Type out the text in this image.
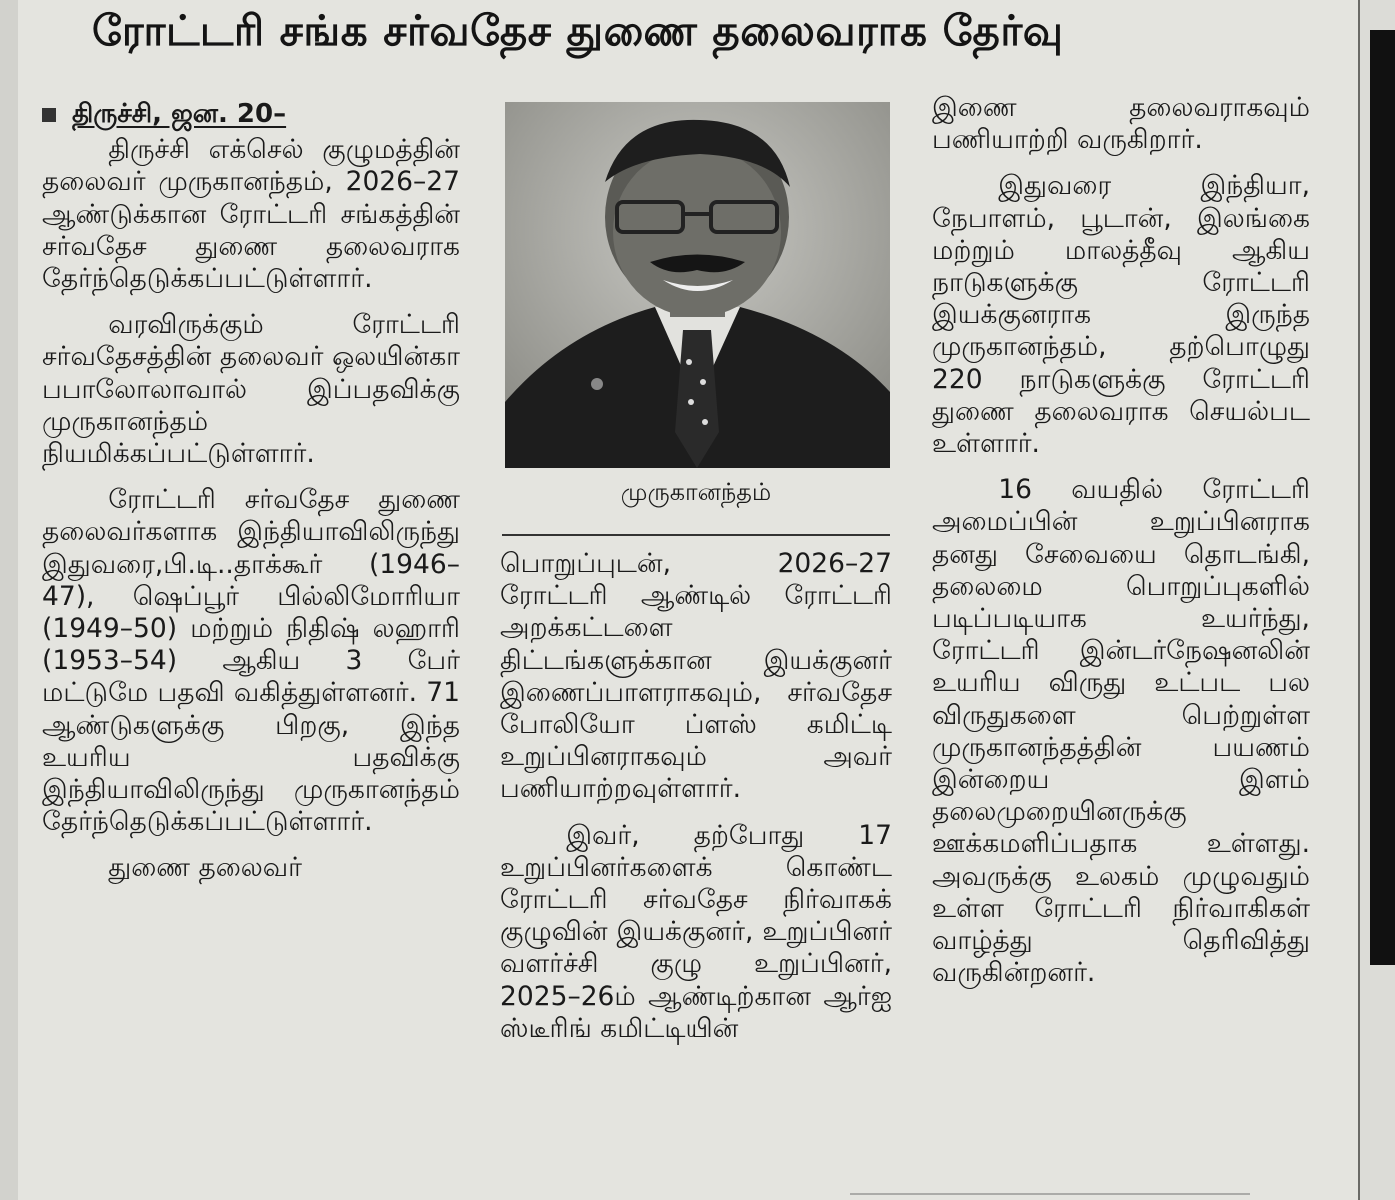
ரோட்டரி சங்க சர்வதேச துணை தலைவராக தேர்வு
திருச்சி, ஜன. 20–

திருச்சி எக்செல் குழுமத்தின் தலைவர் முருகானந்தம், 2026–27 ஆண்டுக்கான ரோட்டரி சங்கத்தின் சர்வதேச துணை தலைவராக தேர்ந்தெடுக்கப்பட்டுள்ளார்.

வரவிருக்கும் ரோட்டரி சர்வதேசத்தின் தலைவர் ஒலயின்கா பபாலோலாவால் இப்பதவிக்கு முருகானந்தம் நியமிக்கப்பட்டுள்ளார்.

ரோட்டரி சர்வதேச துணை தலைவர்களாக இந்தியாவிலிருந்து இதுவரை,பி.டி..தாக்கூர் (1946–47), ஷெப்பூர் பில்லிமோரியா (1949–50) மற்றும் நிதிஷ் லஹாரி (1953–54) ஆகிய 3 பேர் மட்டுமே பதவி வகித்துள்ளனர். 71 ஆண்டுகளுக்கு பிறகு, இந்த உயரிய பதவிக்கு இந்தியாவிலிருந்து முருகானந்தம் தேர்ந்தெடுக்கப்பட்டுள்ளார்.

துணை தலைவர்

முருகானந்தம்

பொறுப்புடன், 2026–27 ரோட்டரி ஆண்டில் ரோட்டரி அறக்கட்டளை திட்டங்களுக்கான இயக்குனர் இணைப்பாளராகவும், சர்வதேச போலியோ ப்ளஸ் கமிட்டி உறுப்பினராகவும் அவர் பணியாற்றவுள்ளார்.

இவர், தற்போது 17 உறுப்பினர்களைக் கொண்ட ரோட்டரி சர்வதேச நிர்வாகக் குழுவின் இயக்குனர், உறுப்பினர் வளர்ச்சி குழு உறுப்பினர், 2025–26ம் ஆண்டிற்கான ஆர்ஐ ஸ்டீரிங் கமிட்டியின்

இணை தலைவராகவும் பணியாற்றி வருகிறார்.

இதுவரை இந்தியா, நேபாளம், பூடான், இலங்கை மற்றும் மாலத்தீவு ஆகிய நாடுகளுக்கு ரோட்டரி இயக்குனராக இருந்த முருகானந்தம், தற்பொழுது 220 நாடுகளுக்கு ரோட்டரி துணை தலைவராக செயல்பட உள்ளார்.

16 வயதில் ரோட்டரி அமைப்பின் உறுப்பினராக தனது சேவையை தொடங்கி, தலைமை பொறுப்புகளில் படிப்படியாக உயர்ந்து, ரோட்டரி இன்டர்நேஷனலின் உயரிய விருது உட்பட பல விருதுகளை பெற்றுள்ள முருகானந்தத்தின் பயணம் இன்றைய இளம் தலைமுறையினருக்கு ஊக்கமளிப்பதாக உள்ளது. அவருக்கு உலகம் முழுவதும் உள்ள ரோட்டரி நிர்வாகிகள் வாழ்த்து தெரிவித்து வருகின்றனர்.
